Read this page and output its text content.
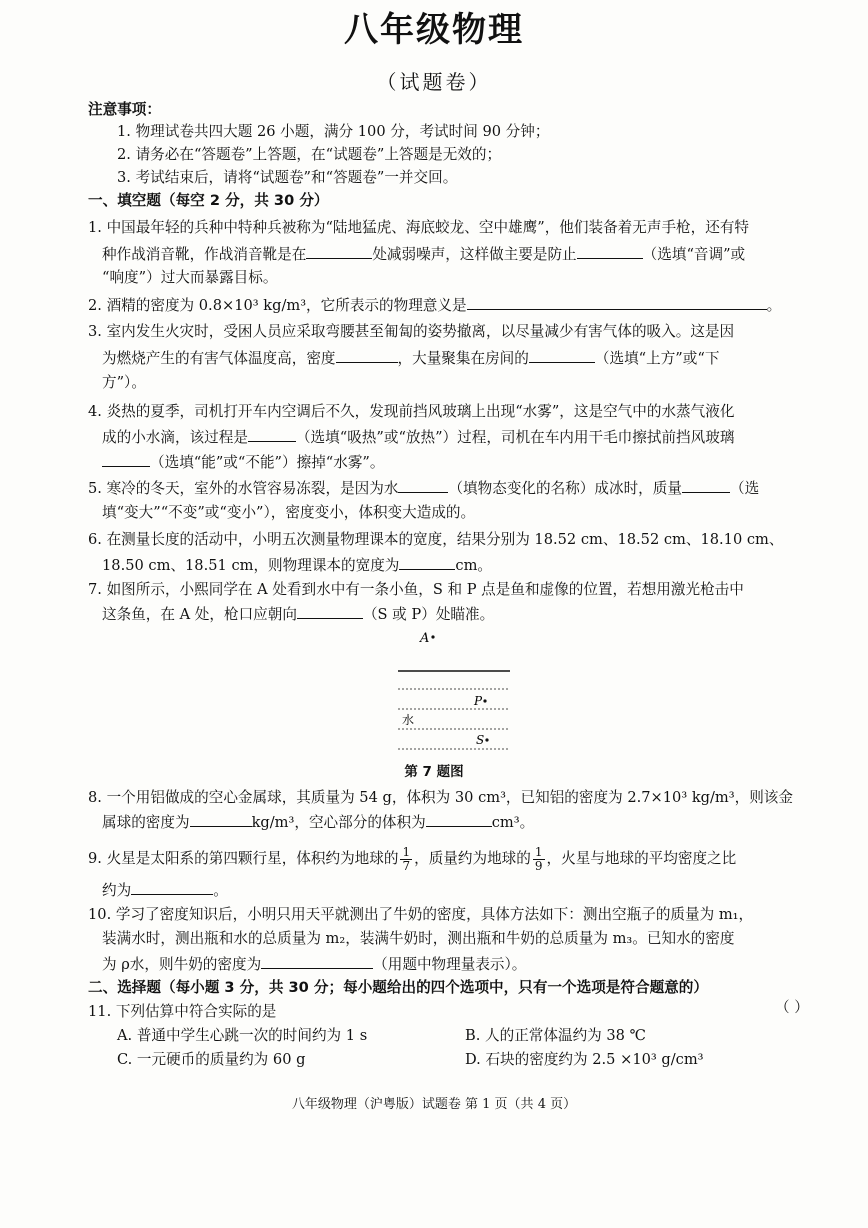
八年级物理
（试题卷）
注意事项：
1. 物理试卷共四大题 26 小题，满分 100 分，考试时间 90 分钟；
2. 请务必在“答题卷”上答题，在“试题卷”上答题是无效的；
3. 考试结束后，请将“试题卷”和“答题卷”一并交回。
一、填空题（每空 2 分，共 30 分）
1. 中国最年轻的兵种中特种兵被称为“陆地猛虎、海底蛟龙、空中雄鹰”，他们装备着无声手枪，还有特
种作战消音靴，作战消音靴是在	处减弱噪声，这样做主要是防止	（选填“音调”或
“响度”）过大而暴露目标。
2. 酒精的密度为 0.8×10³ kg/m³，它所表示的物理意义是	。
3. 室内发生火灾时，受困人员应采取弯腰甚至匍匐的姿势撤离，以尽量减少有害气体的吸入。这是因
为燃烧产生的有害气体温度高，密度	，大量聚集在房间的	（选填“上方”或“下
方”）。
4. 炎热的夏季，司机打开车内空调后不久，发现前挡风玻璃上出现“水雾”，这是空气中的水蒸气液化
成的小水滴，该过程是	（选填“吸热”或“放热”）过程，司机在车内用干毛巾擦拭前挡风玻璃
（选填“能”或“不能”）擦掉“水雾”。
5. 寒冷的冬天，室外的水管容易冻裂，是因为水	（填物态变化的名称）成冰时，质量	（选
填“变大”“不变”或“变小”），密度变小，体积变大造成的。
6. 在测量长度的活动中，小明五次测量物理课本的宽度，结果分别为 18.52 cm、18.52 cm、18.10 cm、
18.50 cm、18.51 cm，则物理课本的宽度为	cm。
7. 如图所示，小熙同学在 A 处看到水中有一条小鱼，S 和 P 点是鱼和虚像的位置，若想用激光枪击中
这条鱼，在 A 处，枪口应朝向	（S 或 P）处瞄准。
A
P
水
S
第 7 题图
8. 一个用铝做成的空心金属球，其质量为 54 g，体积为 30 cm³，已知铝的密度为 2.7×10³ kg/m³，则该金
属球的密度为	kg/m³，空心部分的体积为	cm³。
9. 火星是太阳系的第四颗行星，体积约为地球的 $\frac{1}{7}$ ，质量约为地球的 $\frac{1}{9}$ ，火星与地球的平均密度之比
约为	。
10. 学习了密度知识后，小明只用天平就测出了牛奶的密度，具体方法如下：测出空瓶子的质量为 m₁，
装满水时，测出瓶和水的总质量为 m₂，装满牛奶时，测出瓶和牛奶的总质量为 m₃。已知水的密度
为 ρ水，则牛奶的密度为	（用题中物理量表示）。
二、选择题（每小题 3 分，共 30 分；每小题给出的四个选项中，只有一个选项是符合题意的）
11. 下列估算中符合实际的是	（ ）
A. 普通中学生心跳一次的时间约为 1 s	B. 人的正常体温约为 38 ℃
C. 一元硬币的质量约为 60 g	D. 石块的密度约为 2.5 ×10³ g/cm³
八年级物理（沪粤版）试题卷 第 1 页（共 4 页）
